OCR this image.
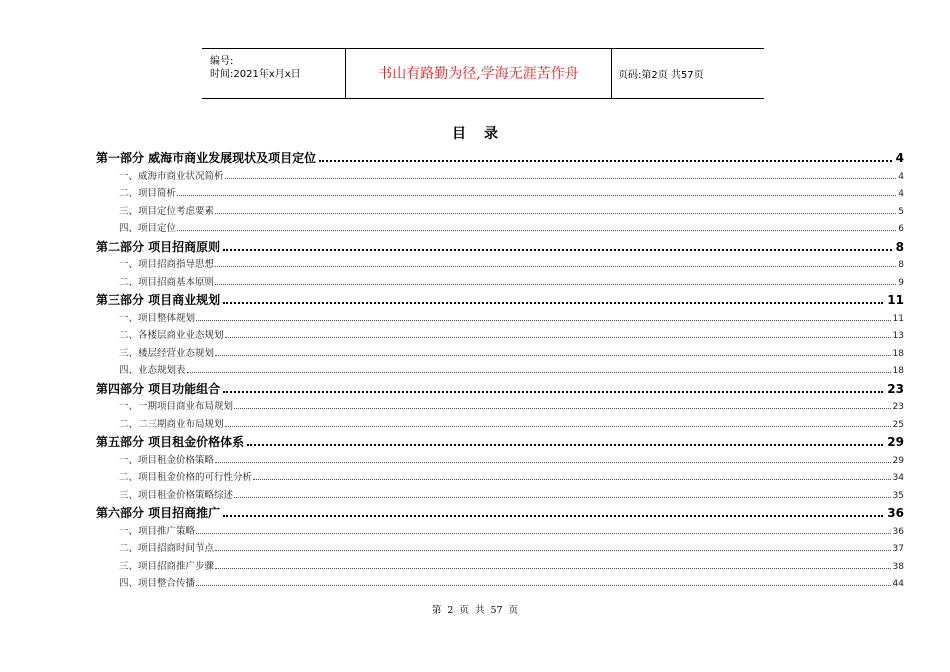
编号:
时间:2021年x月x日	书山有路勤为径,学海无涯苦作舟	页码:第2页 共57页
目录
第一部分 威海市商业发展现状及项目定位	4
一、威海市商业状况简析	4
二、项目简析	4
三、项目定位考虑要素	5
四、项目定位	6
第二部分 项目招商原则	8
一、项目招商指导思想	8
二、项目招商基本原则	9
第三部分 项目商业规划	11
一、项目整体规划	11
二、各楼层商业业态规划	13
三、楼层经营业态规划	18
四、业态规划表	18
第四部分 项目功能组合	23
一、一期项目商业布局规划	23
二、二三期商业布局规划	25
第五部分 项目租金价格体系	29
一、项目租金价格策略	29
二、项目租金价格的可行性分析	34
三、项目租金价格策略综述	35
第六部分 项目招商推广	36
一、项目推广策略	36
二、项目招商时间节点	37
三、项目招商推广步骤	38
四、项目整合传播	44
第 2 页 共 57 页
